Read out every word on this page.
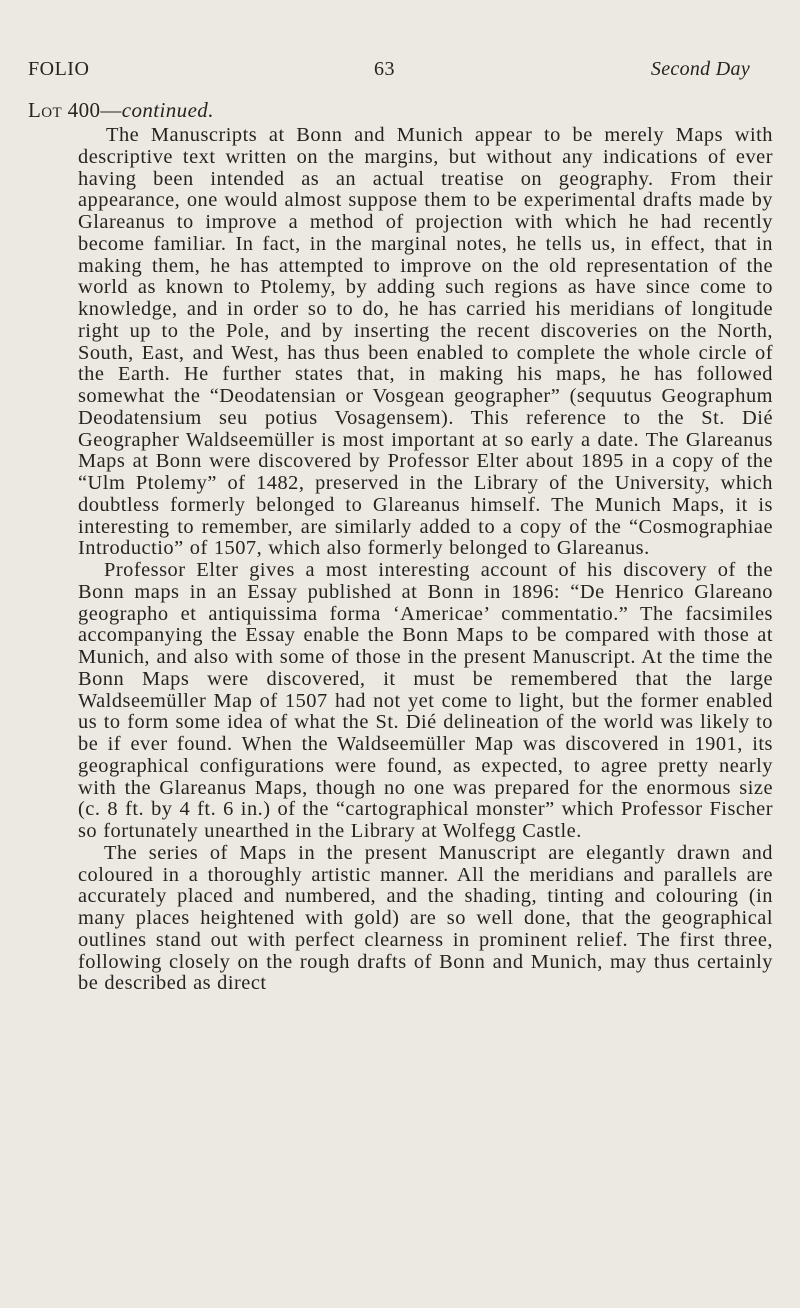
FOLIO	63	Second Day
Lot 400—continued.

The Manuscripts at Bonn and Munich appear to be merely Maps with descriptive text written on the margins, but without any indications of ever having been intended as an actual treatise on geography. From their appearance, one would almost suppose them to be experimental drafts made by Glareanus to improve a method of projection with which he had recently become familiar. In fact, in the marginal notes, he tells us, in effect, that in making them, he has attempted to improve on the old representation of the world as known to Ptolemy, by adding such regions as have since come to knowledge, and in order so to do, he has carried his meridians of longitude right up to the Pole, and by inserting the recent discoveries on the North, South, East, and West, has thus been enabled to complete the whole circle of the Earth. He further states that, in making his maps, he has followed somewhat the “Deodatensian or Vosgean geographer” (sequutus Geographum Deodatensium seu potius Vosagensem). This reference to the St. Dié Geographer Waldseemüller is most important at so early a date. The Glareanus Maps at Bonn were discovered by Professor Elter about 1895 in a copy of the “Ulm Ptolemy” of 1482, preserved in the Library of the University, which doubtless formerly belonged to Glareanus himself. The Munich Maps, it is interesting to remember, are similarly added to a copy of the “Cosmographiae Introductio” of 1507, which also formerly belonged to Glareanus.

Professor Elter gives a most interesting account of his discovery of the Bonn maps in an Essay published at Bonn in 1896: “De Henrico Glareano geographo et antiquissima forma ‘Americae’ commentatio.” The facsimiles accompanying the Essay enable the Bonn Maps to be compared with those at Munich, and also with some of those in the present Manuscript. At the time the Bonn Maps were discovered, it must be remembered that the large Waldseemüller Map of 1507 had not yet come to light, but the former enabled us to form some idea of what the St. Dié delineation of the world was likely to be if ever found. When the Waldseemüller Map was discovered in 1901, its geographical configurations were found, as expected, to agree pretty nearly with the Glareanus Maps, though no one was prepared for the enormous size (c. 8 ft. by 4 ft. 6 in.) of the “cartographical monster” which Professor Fischer so fortunately unearthed in the Library at Wolfegg Castle.

The series of Maps in the present Manuscript are elegantly drawn and coloured in a thoroughly artistic manner. All the meridians and parallels are accurately placed and numbered, and the shading, tinting and colouring (in many places heightened with gold) are so well done, that the geographical outlines stand out with perfect clearness in prominent relief. The first three, following closely on the rough drafts of Bonn and Munich, may thus certainly be described as direct
